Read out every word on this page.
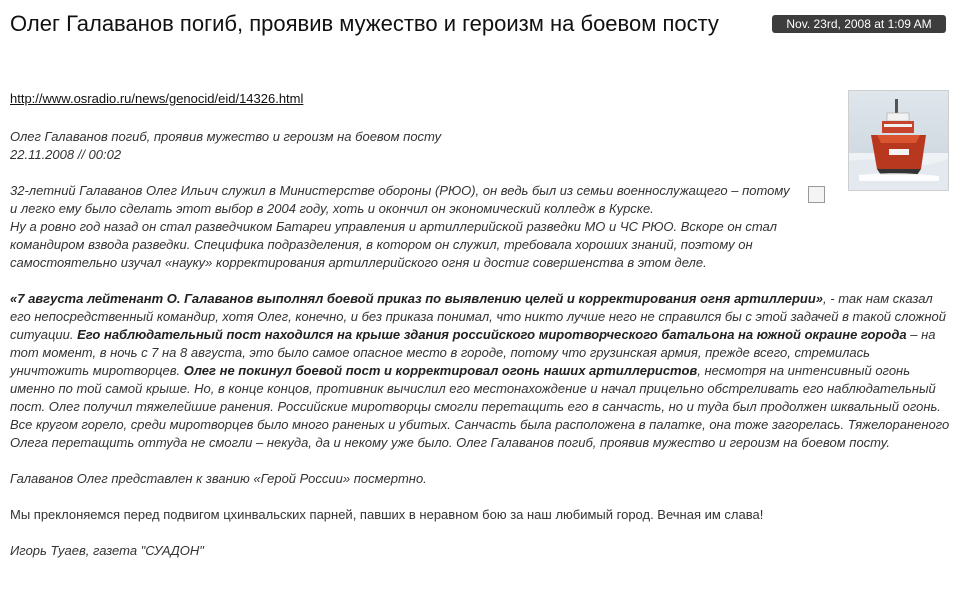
Олег Галаванов погиб, проявив мужество и героизм на боевом посту	Nov. 23rd, 2008 at 1:09 AM
http://www.osradio.ru/news/genocid/eid/14326.html

Олег Галаванов погиб, проявив мужество и героизм на боевом посту
22.11.2008 // 00:02

32-летний Галаванов Олег Ильич служил в Министерстве обороны (РЮО), он ведь был из семьи военнослужащего – потому и легко ему было сделать этот выбор в 2004 году, хоть и окончил он экономический колледж в Курске.
Ну а ровно год назад он стал разведчиком Батареи управления и артиллерийской разведки МО и ЧС РЮО. Вскоре он стал командиром взвода разведки. Специфика подразделения, в котором он служил, требовала хороших знаний, поэтому он самостоятельно изучал «науку» корректирования артиллерийского огня и достиг совершенства в этом деле.

«7 августа лейтенант О. Галаванов выполнял боевой приказ по выявлению целей и корректирования огня артиллерии», - так нам сказал его непосредственный командир, хотя Олег, конечно, и без приказа понимал, что никто лучше него не справился бы с этой задачей в такой сложной ситуации. Его наблюдательный пост находился на крыше здания российского миротворческого батальона на южной окраине города – на тот момент, в ночь с 7 на 8 августа, это было самое опасное место в городе, потому что грузинская армия, прежде всего, стремилась уничтожить миротворцев. Олег не покинул боевой пост и корректировал огонь наших артиллеристов, несмотря на интенсивный огонь именно по той самой крыше. Но, в конце концов, противник вычислил его местонахождение и начал прицельно обстреливать его наблюдательный пост. Олег получил тяжелейшие ранения. Российские миротворцы смогли перетащить его в санчасть, но и туда был продолжен шквальный огонь. Все кругом горело, среди миротворцев было много раненых и убитых. Санчасть была расположена в палатке, она тоже загорелась. Тяжелораненого Олега перетащить оттуда не смогли – некуда, да и некому уже было. Олег Галаванов погиб, проявив мужество и героизм на боевом посту.

Галаванов Олег представлен к званию «Герой России» посмертно.

Мы преклоняемся перед подвигом цхинвальских парней, павших в неравном бою за наш любимый город. Вечная им слава!

Игорь Туаев, газета "СУАДОН"
